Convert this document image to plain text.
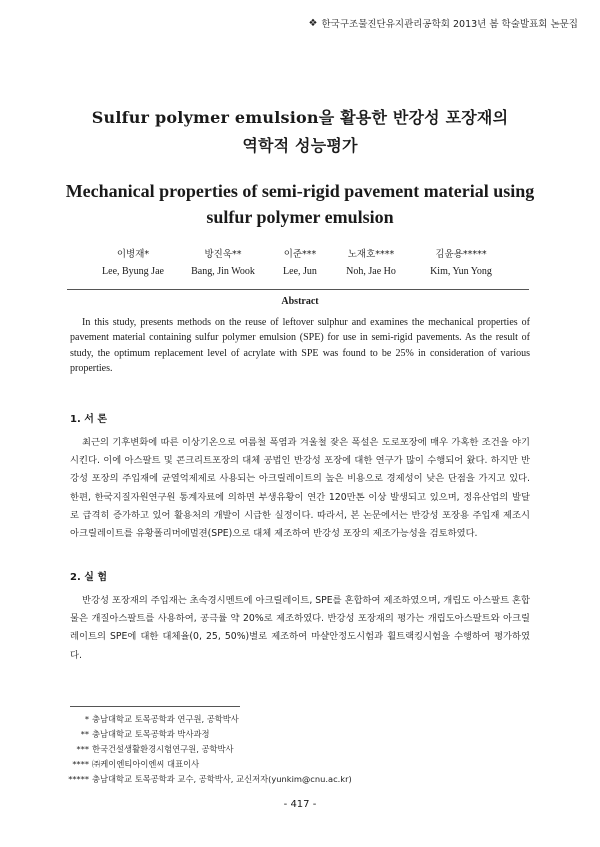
❖ 한국구조물진단유지관리공학회 2013년 봄 학술발표회 논문집
Sulfur polymer emulsion을 활용한 반강성 포장재의
역학적 성능평가
Mechanical properties of semi-rigid pavement material using
sulfur polymer emulsion
이병재*
Lee, Byung Jae
방진욱**
Bang, Jin Wook
이준***
Lee, Jun
노재호****
Noh, Jae Ho
김윤용*****
Kim, Yun Yong
Abstract

In this study, presents methods on the reuse of leftover sulphur and examines the mechanical properties of pavement material containing sulfur polymer emulsion (SPE) for use in semi-rigid pavements. As the result of study, the optimum replacement level of acrylate with SPE was found to be 25% in consideration of various properties.

1. 서 론

최근의 기후변화에 따른 이상기온으로 여름철 폭염과 겨울철 잦은 폭설은 도로포장에 매우 가혹한 조건을 야기 시킨다. 이에 아스팔트 및 콘크리트포장의 대체 공법인 반강성 포장에 대한 연구가 많이 수행되어 왔다. 하지만 반강성 포장의 주입재에 균열억제제로 사용되는 아크릴레이트의 높은 비용으로 경제성이 낮은 단점을 가지고 있다. 한편, 한국지질자원연구원 통계자료에 의하면 부생유황이 연간 120만톤 이상 발생되고 있으며, 정유산업의 발달로 급격히 증가하고 있어 활용처의 개발이 시급한 실정이다. 따라서, 본 논문에서는 반강성 포장용 주입재 제조시 아크릴레이트를 유황폴리머에멀젼(SPE)으로 대체 제조하여 반강성 포장의 제조가능성을 검토하였다.

2. 실 험

반강성 포장재의 주입재는 초속경시멘트에 아크릴레이트, SPE를 혼합하여 제조하였으며, 개립도 아스팔트 혼합물은 개질아스팔트를 사용하여, 공극률 약 20%로 제조하였다. 반강성 포장재의 평가는 개립도아스팔트와 아크릴레이트의 SPE에 대한 대체율(0, 25, 50%)별로 제조하여 마샬안정도시험과 휠트랙킹시험을 수행하여 평가하였다.

* 충남대학교 토목공학과 연구원, 공학박사
** 충남대학교 토목공학과 박사과정
*** 한국건설생활환경시험연구원, 공학박사
**** ㈜케이엔티아이엔씨 대표이사
***** 충남대학교 토목공학과 교수, 공학박사, 교신저자(yunkim@cnu.ac.kr)
- 417 -
